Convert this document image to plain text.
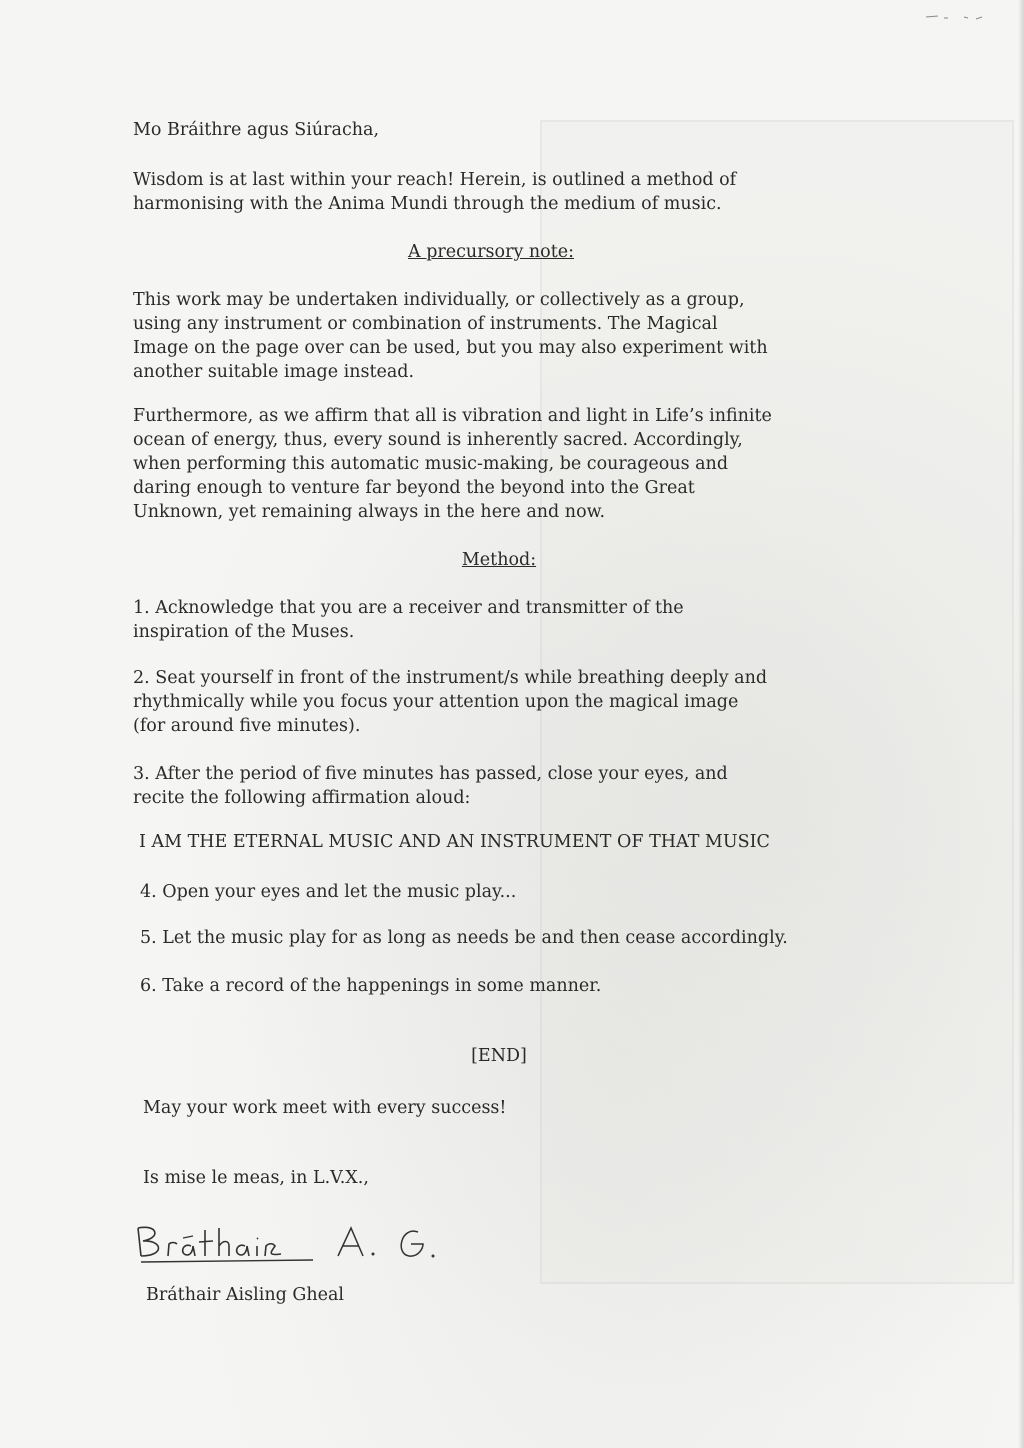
Mo Bráithre agus Siúracha,

Wisdom is at last within your reach! Herein, is outlined a method of
harmonising with the Anima Mundi through the medium of music.

A precursory note:

This work may be undertaken individually, or collectively as a group,
using any instrument or combination of instruments. The Magical
Image on the page over can be used, but you may also experiment with
another suitable image instead.

Furthermore, as we affirm that all is vibration and light in Life’s infinite
ocean of energy, thus, every sound is inherently sacred. Accordingly,
when performing this automatic music-making, be courageous and
daring enough to venture far beyond the beyond into the Great
Unknown, yet remaining always in the here and now.

Method:

1. Acknowledge that you are a receiver and transmitter of the
inspiration of the Muses.

2. Seat yourself in front of the instrument/s while breathing deeply and
rhythmically while you focus your attention upon the magical image
(for around five minutes).

3. After the period of five minutes has passed, close your eyes, and
recite the following affirmation aloud:

I AM THE ETERNAL MUSIC AND AN INSTRUMENT OF THAT MUSIC

4. Open your eyes and let the music play...

5. Let the music play for as long as needs be and then cease accordingly.

6. Take a record of the happenings in some manner.

[END]

May your work meet with every success!

Is mise le meas, in L.V.X.,

Bráthair Aisling Gheal
